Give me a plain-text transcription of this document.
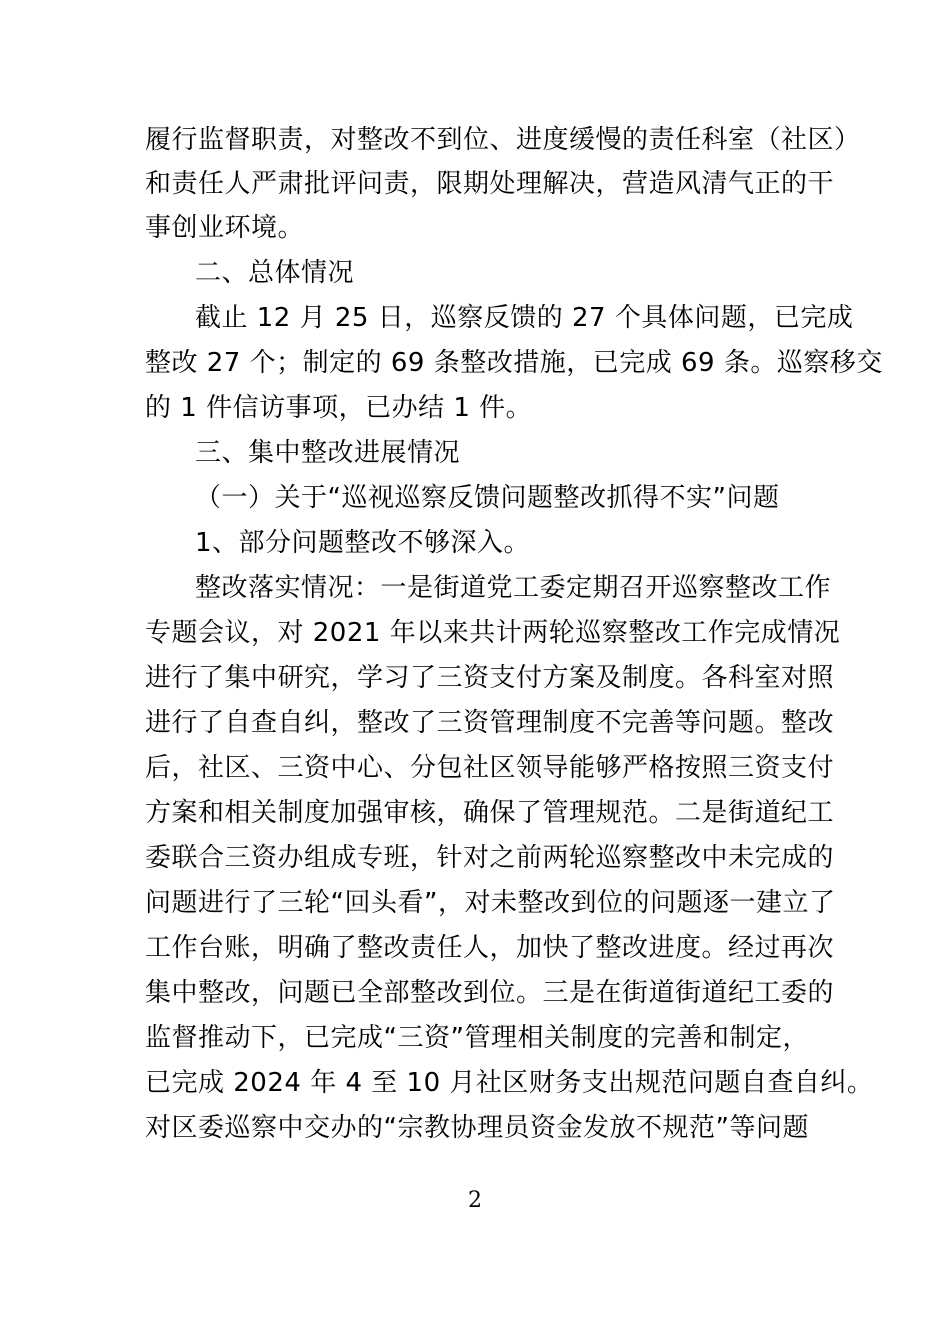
履行监督职责，对整改不到位、进度缓慢的责任科室（社区）
和责任人严肃批评问责，限期处理解决，营造风清气正的干
事创业环境。
二、总体情况
截止 12 月 25 日，巡察反馈的 27 个具体问题，已完成
整改 27 个；制定的 69 条整改措施，已完成 69 条。巡察移交
的 1 件信访事项，已办结 1 件。
三、集中整改进展情况
（一）关于“巡视巡察反馈问题整改抓得不实”问题
1、部分问题整改不够深入。
整改落实情况：一是街道党工委定期召开巡察整改工作
专题会议，对 2021 年以来共计两轮巡察整改工作完成情况
进行了集中研究，学习了三资支付方案及制度。各科室对照
进行了自查自纠，整改了三资管理制度不完善等问题。整改
后，社区、三资中心、分包社区领导能够严格按照三资支付
方案和相关制度加强审核，确保了管理规范。二是街道纪工
委联合三资办组成专班，针对之前两轮巡察整改中未完成的
问题进行了三轮“回头看”，对未整改到位的问题逐一建立了
工作台账，明确了整改责任人，加快了整改进度。经过再次
集中整改，问题已全部整改到位。三是在街道街道纪工委的
监督推动下，已完成“三资”管理相关制度的完善和制定，
已完成 2024 年 4 至 10 月社区财务支出规范问题自查自纠。
对区委巡察中交办的“宗教协理员资金发放不规范”等问题
2
